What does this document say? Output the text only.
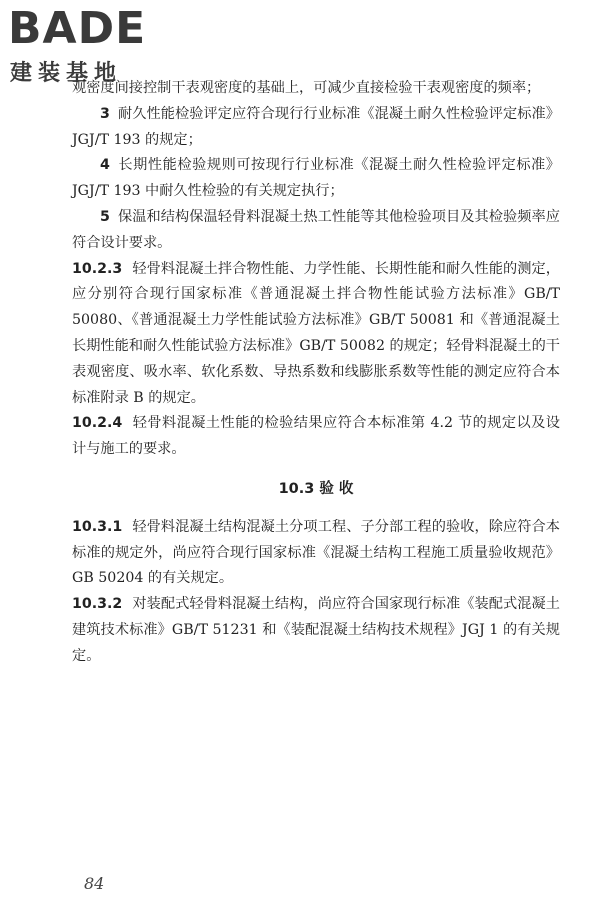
BADE
建装基地

观密度间接控制干表观密度的基础上，可减少直接检验干表观密度的频率；

3 耐久性能检验评定应符合现行行业标准《混凝土耐久性检验评定标准》JGJ/T 193 的规定；

4 长期性能检验规则可按现行行业标准《混凝土耐久性检验评定标准》JGJ/T 193 中耐久性检验的有关规定执行；

5 保温和结构保温轻骨料混凝土热工性能等其他检验项目及其检验频率应符合设计要求。

10.2.3 轻骨料混凝土拌合物性能、力学性能、长期性能和耐久性能的测定，应分别符合现行国家标准《普通混凝土拌合物性能试验方法标准》GB/T 50080、《普通混凝土力学性能试验方法标准》GB/T 50081 和《普通混凝土长期性能和耐久性能试验方法标准》GB/T 50082 的规定；轻骨料混凝土的干表观密度、吸水率、软化系数、导热系数和线膨胀系数等性能的测定应符合本标准附录 B 的规定。

10.2.4 轻骨料混凝土性能的检验结果应符合本标准第 4.2 节的规定以及设计与施工的要求。

10.3 验 收

10.3.1 轻骨料混凝土结构混凝土分项工程、子分部工程的验收，除应符合本标准的规定外，尚应符合现行国家标准《混凝土结构工程施工质量验收规范》GB 50204 的有关规定。

10.3.2 对装配式轻骨料混凝土结构，尚应符合国家现行标准《装配式混凝土建筑技术标准》GB/T 51231 和《装配混凝土结构技术规程》JGJ 1 的有关规定。

84
